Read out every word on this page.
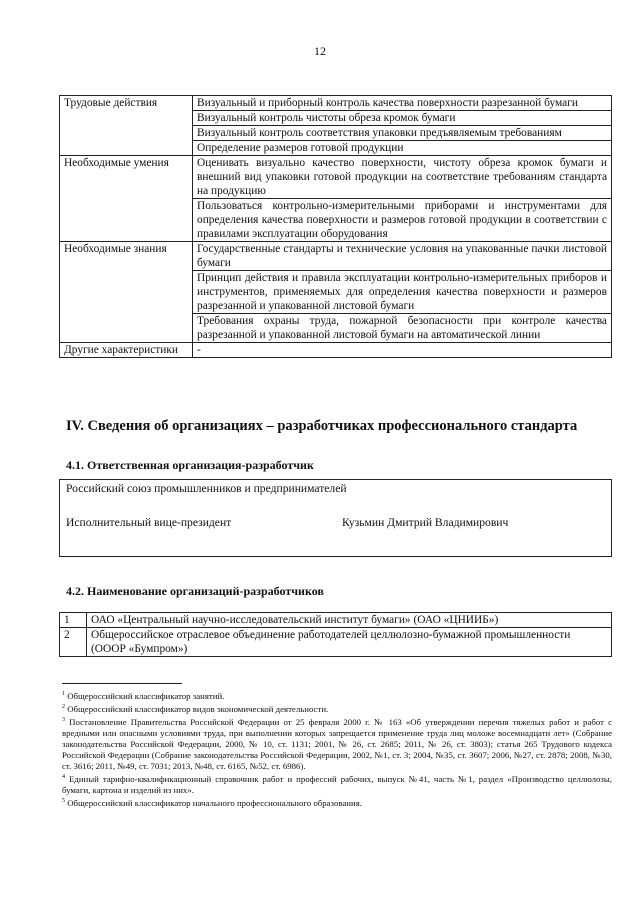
12
Трудовые действия	Визуальный и приборный контроль качества поверхности разрезанной бумаги
	Визуальный контроль чистоты обреза кромок бумаги
	Визуальный контроль соответствия упаковки предъявляемым требованиям
	Определение размеров готовой продукции
Необходимые умения	Оценивать визуально качество поверхности, чистоту обреза кромок бумаги и внешний вид упаковки готовой продукции на соответствие требованиям стандарта на продукцию
	Пользоваться контрольно-измерительными приборами и инструментами для определения качества поверхности и размеров готовой продукции в соответствии с правилами эксплуатации оборудования
Необходимые знания	Государственные стандарты и технические условия на упакованные пачки листовой бумаги
	Принцип действия и правила эксплуатации контрольно-измерительных приборов и инструментов, применяемых для определения качества поверхности и размеров разрезанной и упакованной листовой бумаги
	Требования охраны труда, пожарной безопасности при контроле качества разрезанной и упакованной листовой бумаги на автоматической линии
Другие характеристики	-
IV. Сведения об организациях – разработчиках профессионального стандарта
4.1. Ответственная организация-разработчик
Российский союз промышленников и предпринимателей
Исполнительный вице-президент	Кузьмин Дмитрий Владимирович
4.2. Наименование организаций-разработчиков
1	ОАО «Центральный научно-исследовательский институт бумаги» (ОАО «ЦНИИБ»)
2	Общероссийское отраслевое объединение работодателей целлюлозно-бумажной промышленности (ОООР «Бумпром»)

$^1$ Общероссийский классификатор занятий.

$^2$ Общероссийский классификатор видов экономической деятельности.

$^3$ Постановление Правительства Российской Федерации от 25 февраля 2000 г. № 163 «Об утверждении перечня тяжелых работ и работ с вредными или опасными условиями труда, при выполнении которых запрещается применение труда лиц моложе восемнадцати лет» (Собрание законодательства Российской Федерации, 2000, № 10, ст. 1131; 2001, № 26, ст. 2685; 2011, № 26, ст. 3803); статья 265 Трудового кодекса Российской Федерации (Собрание законодательства Российской Федерации, 2002, №1, ст. 3; 2004, №35, ст. 3607; 2006, №27, ст. 2878; 2008, №30, ст. 3616; 2011, №49, ст. 7031; 2013, №48, ст. 6165, №52, ст. 6986).

$^4$ Единый тарифно-квалификационный справочник работ и профессий рабочих, выпуск №41, часть №1, раздел «Производство целлюлозы, бумаги, картона и изделий из них».

$^5$ Общероссийский классификатор начального профессионального образования.
